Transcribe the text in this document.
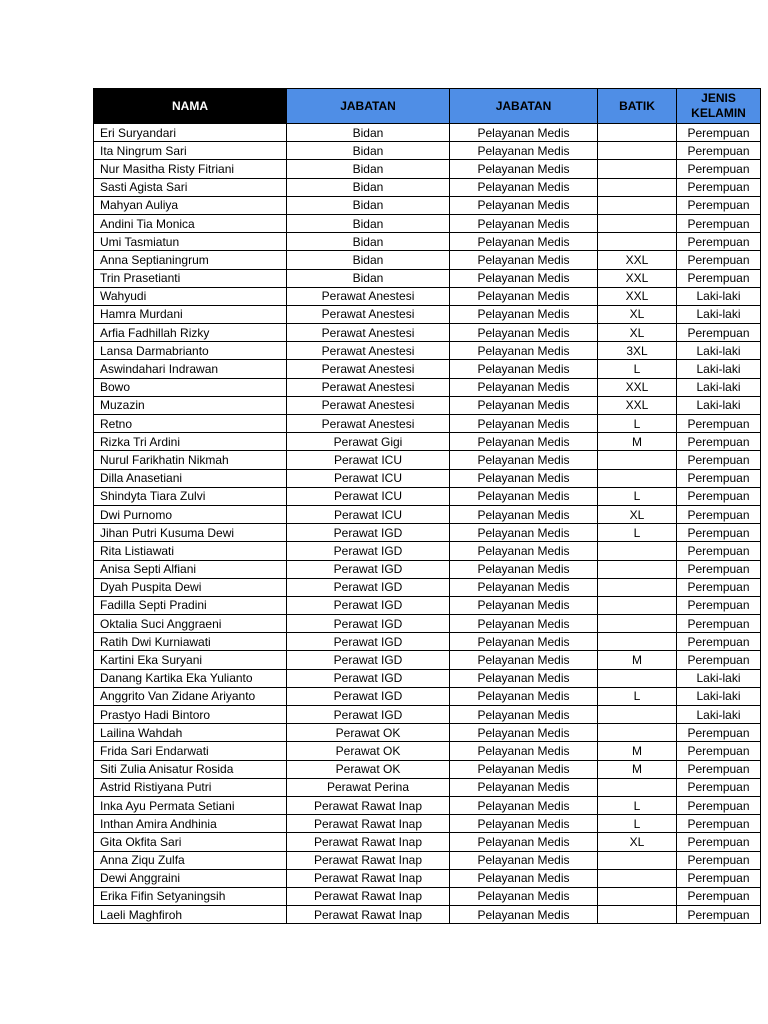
NAMA	JABATAN	JABATAN	BATIK	JENIS KELAMIN
Eri Suryandari	Bidan	Pelayanan Medis		Perempuan
Ita Ningrum Sari	Bidan	Pelayanan Medis		Perempuan
Nur Masitha Risty Fitriani	Bidan	Pelayanan Medis		Perempuan
Sasti Agista Sari	Bidan	Pelayanan Medis		Perempuan
Mahyan Auliya	Bidan	Pelayanan Medis		Perempuan
Andini Tia Monica	Bidan	Pelayanan Medis		Perempuan
Umi Tasmiatun	Bidan	Pelayanan Medis		Perempuan
Anna Septianingrum	Bidan	Pelayanan Medis	XXL	Perempuan
Trin Prasetianti	Bidan	Pelayanan Medis	XXL	Perempuan
Wahyudi	Perawat Anestesi	Pelayanan Medis	XXL	Laki-laki
Hamra Murdani	Perawat Anestesi	Pelayanan Medis	XL	Laki-laki
Arfia Fadhillah Rizky	Perawat Anestesi	Pelayanan Medis	XL	Perempuan
Lansa Darmabrianto	Perawat Anestesi	Pelayanan Medis	3XL	Laki-laki
Aswindahari Indrawan	Perawat Anestesi	Pelayanan Medis	L	Laki-laki
Bowo	Perawat Anestesi	Pelayanan Medis	XXL	Laki-laki
Muzazin	Perawat Anestesi	Pelayanan Medis	XXL	Laki-laki
Retno	Perawat Anestesi	Pelayanan Medis	L	Perempuan
Rizka Tri Ardini	Perawat Gigi	Pelayanan Medis	M	Perempuan
Nurul Farikhatin Nikmah	Perawat ICU	Pelayanan Medis		Perempuan
Dilla Anasetiani	Perawat ICU	Pelayanan Medis		Perempuan
Shindyta Tiara Zulvi	Perawat ICU	Pelayanan Medis	L	Perempuan
Dwi Purnomo	Perawat ICU	Pelayanan Medis	XL	Perempuan
Jihan Putri Kusuma Dewi	Perawat IGD	Pelayanan Medis	L	Perempuan
Rita Listiawati	Perawat IGD	Pelayanan Medis		Perempuan
Anisa Septi Alfiani	Perawat IGD	Pelayanan Medis		Perempuan
Dyah Puspita Dewi	Perawat IGD	Pelayanan Medis		Perempuan
Fadilla Septi Pradini	Perawat IGD	Pelayanan Medis		Perempuan
Oktalia Suci Anggraeni	Perawat IGD	Pelayanan Medis		Perempuan
Ratih Dwi Kurniawati	Perawat IGD	Pelayanan Medis		Perempuan
Kartini Eka Suryani	Perawat IGD	Pelayanan Medis	M	Perempuan
Danang Kartika Eka Yulianto	Perawat IGD	Pelayanan Medis		Laki-laki
Anggrito Van Zidane Ariyanto	Perawat IGD	Pelayanan Medis	L	Laki-laki
Prastyo Hadi Bintoro	Perawat IGD	Pelayanan Medis		Laki-laki
Lailina Wahdah	Perawat OK	Pelayanan Medis		Perempuan
Frida Sari Endarwati	Perawat OK	Pelayanan Medis	M	Perempuan
Siti Zulia Anisatur Rosida	Perawat OK	Pelayanan Medis	M	Perempuan
Astrid Ristiyana Putri	Perawat Perina	Pelayanan Medis		Perempuan
Inka Ayu Permata Setiani	Perawat Rawat Inap	Pelayanan Medis	L	Perempuan
Inthan Amira Andhinia	Perawat Rawat Inap	Pelayanan Medis	L	Perempuan
Gita Okfita Sari	Perawat Rawat Inap	Pelayanan Medis	XL	Perempuan
Anna Ziqu Zulfa	Perawat Rawat Inap	Pelayanan Medis		Perempuan
Dewi Anggraini	Perawat Rawat Inap	Pelayanan Medis		Perempuan
Erika Fifin Setyaningsih	Perawat Rawat Inap	Pelayanan Medis		Perempuan
Laeli Maghfiroh	Perawat Rawat Inap	Pelayanan Medis		Perempuan
